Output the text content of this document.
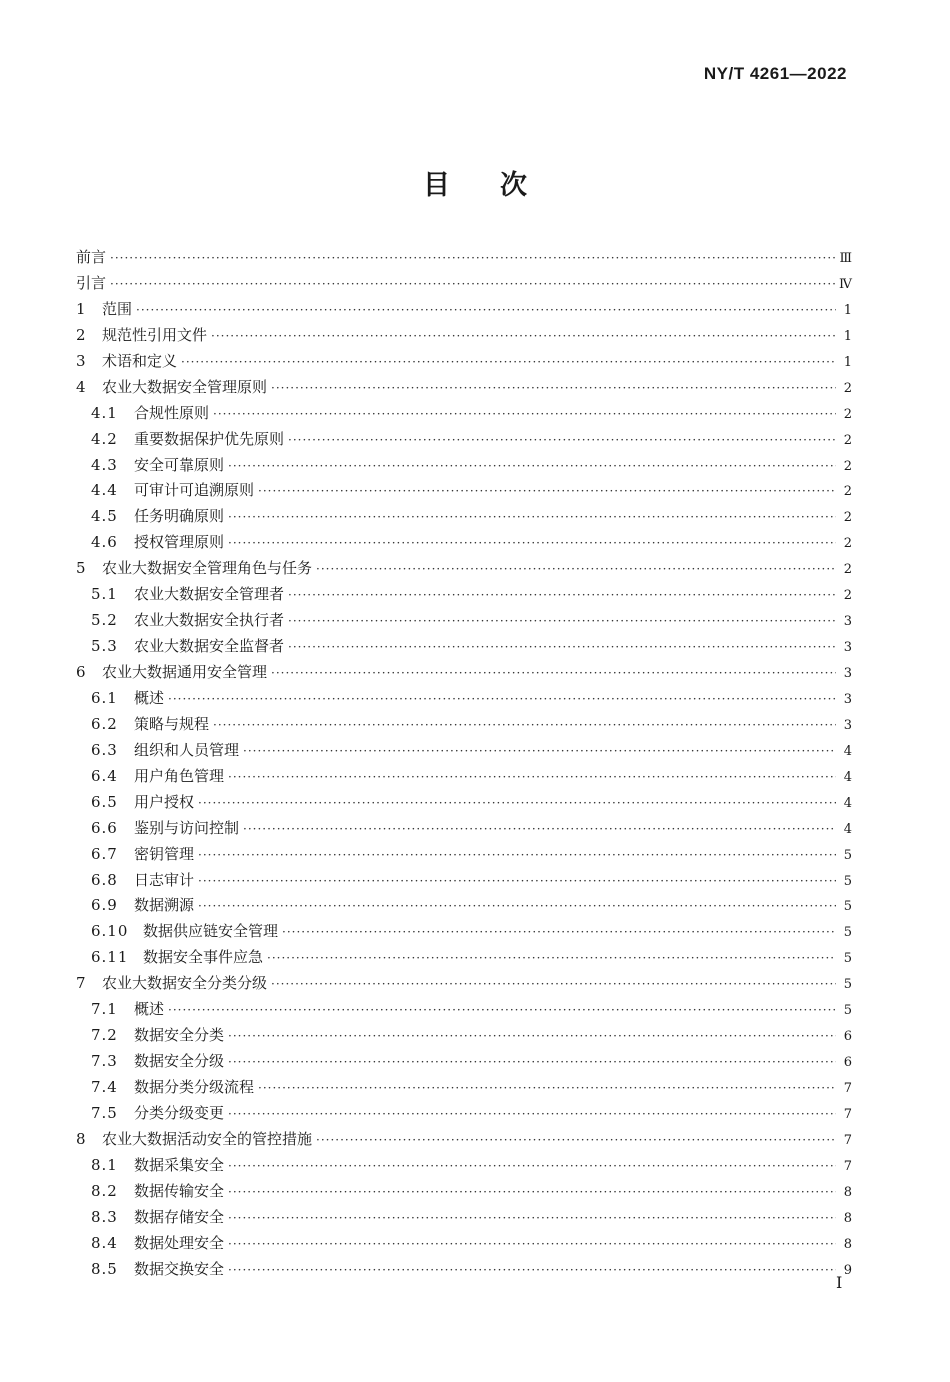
NY/T 4261—2022
目 次
前言 ·····	Ⅲ
引言 ·····	Ⅳ
1	范围 ·····	1
2	规范性引用文件 ·····	1
3	术语和定义 ·····	1
4	农业大数据安全管理原则 ·····	2
4.1	合规性原则 ·····	2
4.2	重要数据保护优先原则 ·····	2
4.3	安全可靠原则 ·····	2
4.4	可审计可追溯原则 ·····	2
4.5	任务明确原则 ·····	2
4.6	授权管理原则 ·····	2
5	农业大数据安全管理角色与任务 ·····	2
5.1	农业大数据安全管理者 ·····	2
5.2	农业大数据安全执行者 ·····	3
5.3	农业大数据安全监督者 ·····	3
6	农业大数据通用安全管理 ·····	3
6.1	概述 ·····	3
6.2	策略与规程 ·····	3
6.3	组织和人员管理 ·····	4
6.4	用户角色管理 ·····	4
6.5	用户授权 ·····	4
6.6	鉴别与访问控制 ·····	4
6.7	密钥管理 ·····	5
6.8	日志审计 ·····	5
6.9	数据溯源 ·····	5
6.10 数据供应链安全管理 ·····	5
6.11 数据安全事件应急 ·····	5
7	农业大数据安全分类分级 ·····	5
7.1	概述 ·····	5
7.2	数据安全分类 ·····	6
7.3	数据安全分级 ·····	6
7.4	数据分类分级流程 ·····	7
7.5	分类分级变更 ·····	7
8	农业大数据活动安全的管控措施 ·····	7
8.1	数据采集安全 ·····	7
8.2	数据传输安全 ·····	8
8.3	数据存储安全 ·····	8
8.4	数据处理安全 ·····	8
8.5	数据交换安全 ·····	9
I
